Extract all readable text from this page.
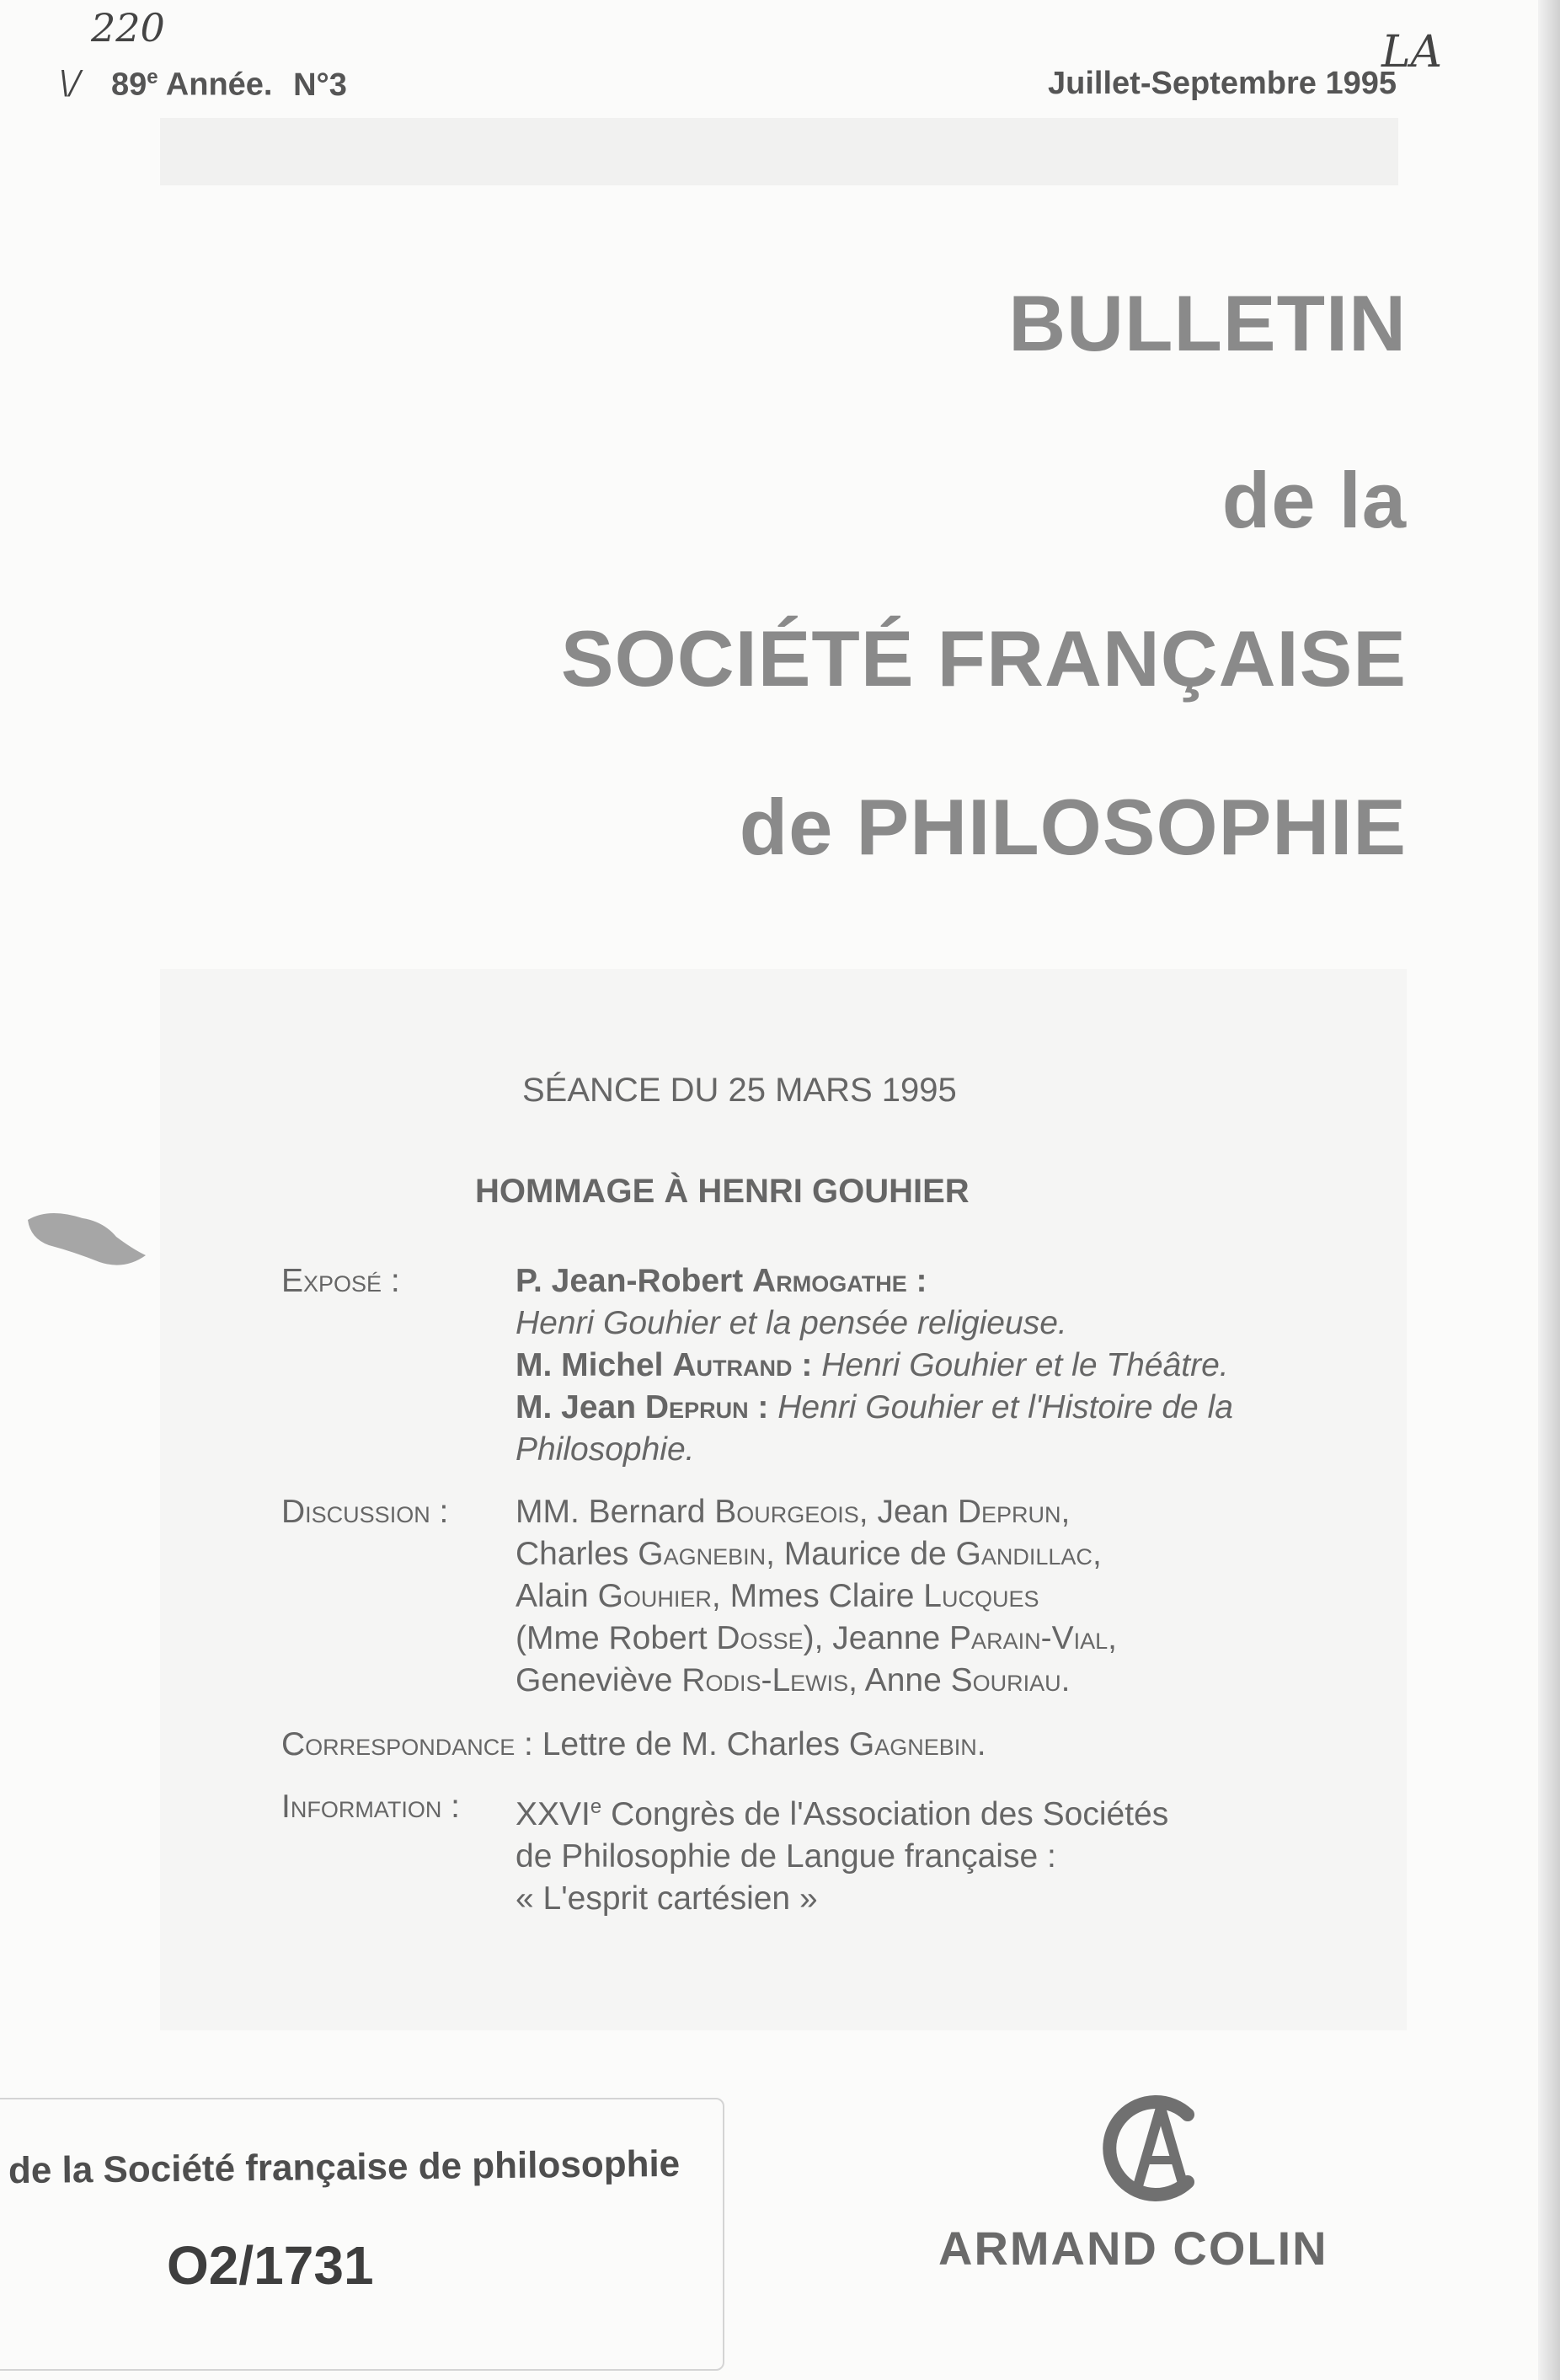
220
\/
LA
89e Année. N°3	Juillet-Septembre 1995
BULLETIN
de la
SOCIÉTÉ FRANÇAISE
de PHILOSOPHIE
SÉANCE DU 25 MARS 1995
HOMMAGE À HENRI GOUHIER
Exposé :	P. Jean-Robert Armogathe :
Henri Gouhier et la pensée religieuse.
M. Michel Autrand : Henri Gouhier et le Théâtre.
M. Jean Deprun : Henri Gouhier et l'Histoire de la
Philosophie.
Discussion : MM. Bernard Bourgeois, Jean Deprun,
Charles Gagnebin, Maurice de Gandillac,
Alain Gouhier, Mmes Claire Lucques
(Mme Robert Dosse), Jeanne Parain-Vial,
Geneviève Rodis-Lewis, Anne Souriau.
Correspondance : Lettre de M. Charles Gagnebin.
Information : XXVIe Congrès de l'Association des Sociétés
de Philosophie de Langue française :
« L'esprit cartésien »
de la Société française de philosophie
O2/1731	ARMAND COLIN
